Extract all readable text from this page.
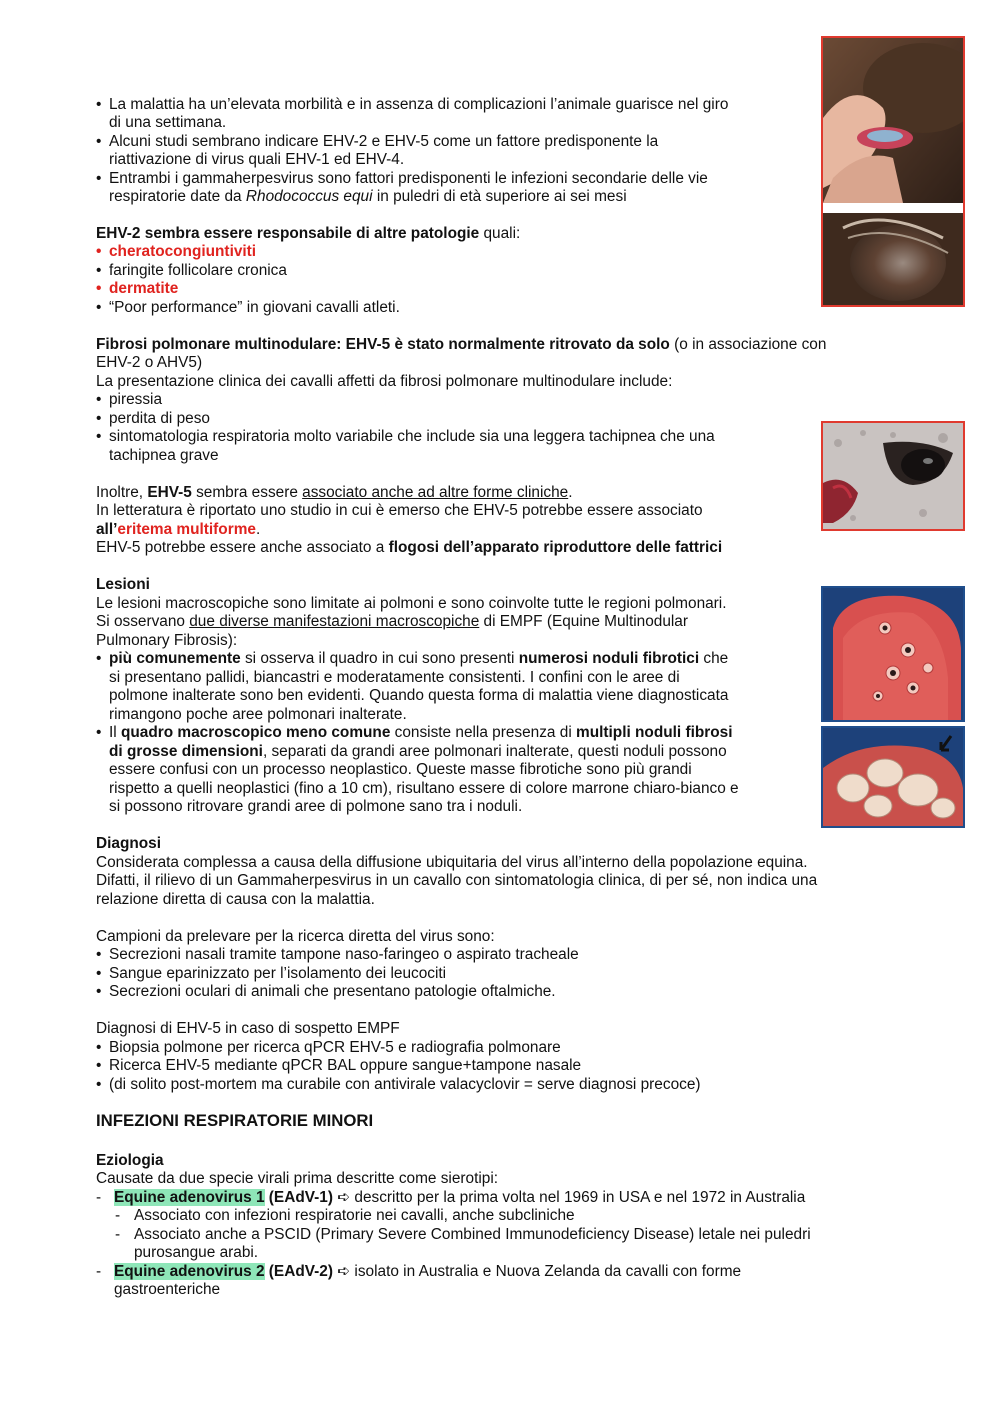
• La malattia ha un’elevata morbilità e in assenza di complicazioni l’animale guarisce nel giro
di una settimana.
• Alcuni studi sembrano indicare EHV-2 e EHV-5 come un fattore predisponente la
riattivazione di virus quali EHV-1 ed EHV-4.
• Entrambi i gammaherpesvirus sono fattori predisponenti le infezioni secondarie delle vie
respiratorie date da Rhodococcus equi in puledri di età superiore ai sei mesi
EHV-2 sembra essere responsabile di altre patologie quali:
• cheratocongiuntiviti
• faringite follicolare cronica
• dermatite
• “Poor performance” in giovani cavalli atleti.
Fibrosi polmonare multinodulare: EHV-5 è stato normalmente ritrovato da solo (o in associazione con
EHV-2 o AHV5)
La presentazione clinica dei cavalli affetti da fibrosi polmonare multinodulare include:
• piressia
• perdita di peso
• sintomatologia respiratoria molto variabile che include sia una leggera tachipnea che una
tachipnea grave
Inoltre, EHV-5 sembra essere associato anche ad altre forme cliniche.
In letteratura è riportato uno studio in cui è emerso che EHV-5 potrebbe essere associato
all’eritema multiforme.
EHV-5 potrebbe essere anche associato a flogosi dell’apparato riproduttore delle fattrici
Lesioni
Le lesioni macroscopiche sono limitate ai polmoni e sono coinvolte tutte le regioni polmonari.
Si osservano due diverse manifestazioni macroscopiche di EMPF (Equine Multinodular
Pulmonary Fibrosis):
• più comunemente si osserva il quadro in cui sono presenti numerosi noduli fibrotici che
si presentano pallidi, biancastri e moderatamente consistenti. I confini con le aree di
polmone inalterate sono ben evidenti. Quando questa forma di malattia viene diagnosticata
rimangono poche aree polmonari inalterate.
• Il quadro macroscopico meno comune consiste nella presenza di multipli noduli fibrosi
di grosse dimensioni, separati da grandi aree polmonari inalterate, questi noduli possono
essere confusi con un processo neoplastico. Queste masse fibrotiche sono più grandi
rispetto a quelli neoplastici (fino a 10 cm), risultano essere di colore marrone chiaro-bianco e
si possono ritrovare grandi aree di polmone sano tra i noduli.
Diagnosi
Considerata complessa a causa della diffusione ubiquitaria del virus all’interno della popolazione equina.
Difatti, il rilievo di un Gammaherpesvirus in un cavallo con sintomatologia clinica, di per sé, non indica una
relazione diretta di causa con la malattia.
Campioni da prelevare per la ricerca diretta del virus sono:
• Secrezioni nasali tramite tampone naso-faringeo o aspirato tracheale
• Sangue eparinizzato per l’isolamento dei leucociti
• Secrezioni oculari di animali che presentano patologie oftalmiche.
Diagnosi di EHV-5 in caso di sospetto EMPF
• Biopsia polmone per ricerca qPCR EHV-5 e radiografia polmonare
• Ricerca EHV-5 mediante qPCR BAL oppure sangue+tampone nasale
• (di solito post-mortem ma curabile con antivirale valacyclovir = serve diagnosi precoce)
INFEZIONI RESPIRATORIE MINORI
Eziologia
Causate da due specie virali prima descritte come sierotipi:
- Equine adenovirus 1 (EAdV-1) ➪ descritto per la prima volta nel 1969 in USA e nel 1972 in Australia
- Associato con infezioni respiratorie nei cavalli, anche subcliniche
- Associato anche a PSCID (Primary Severe Combined Immunodeficiency Disease) letale nei puledri
purosangue arabi.
- Equine adenovirus 2 (EAdV-2) ➪ isolato in Australia e Nuova Zelanda da cavalli con forme
gastroenteriche
